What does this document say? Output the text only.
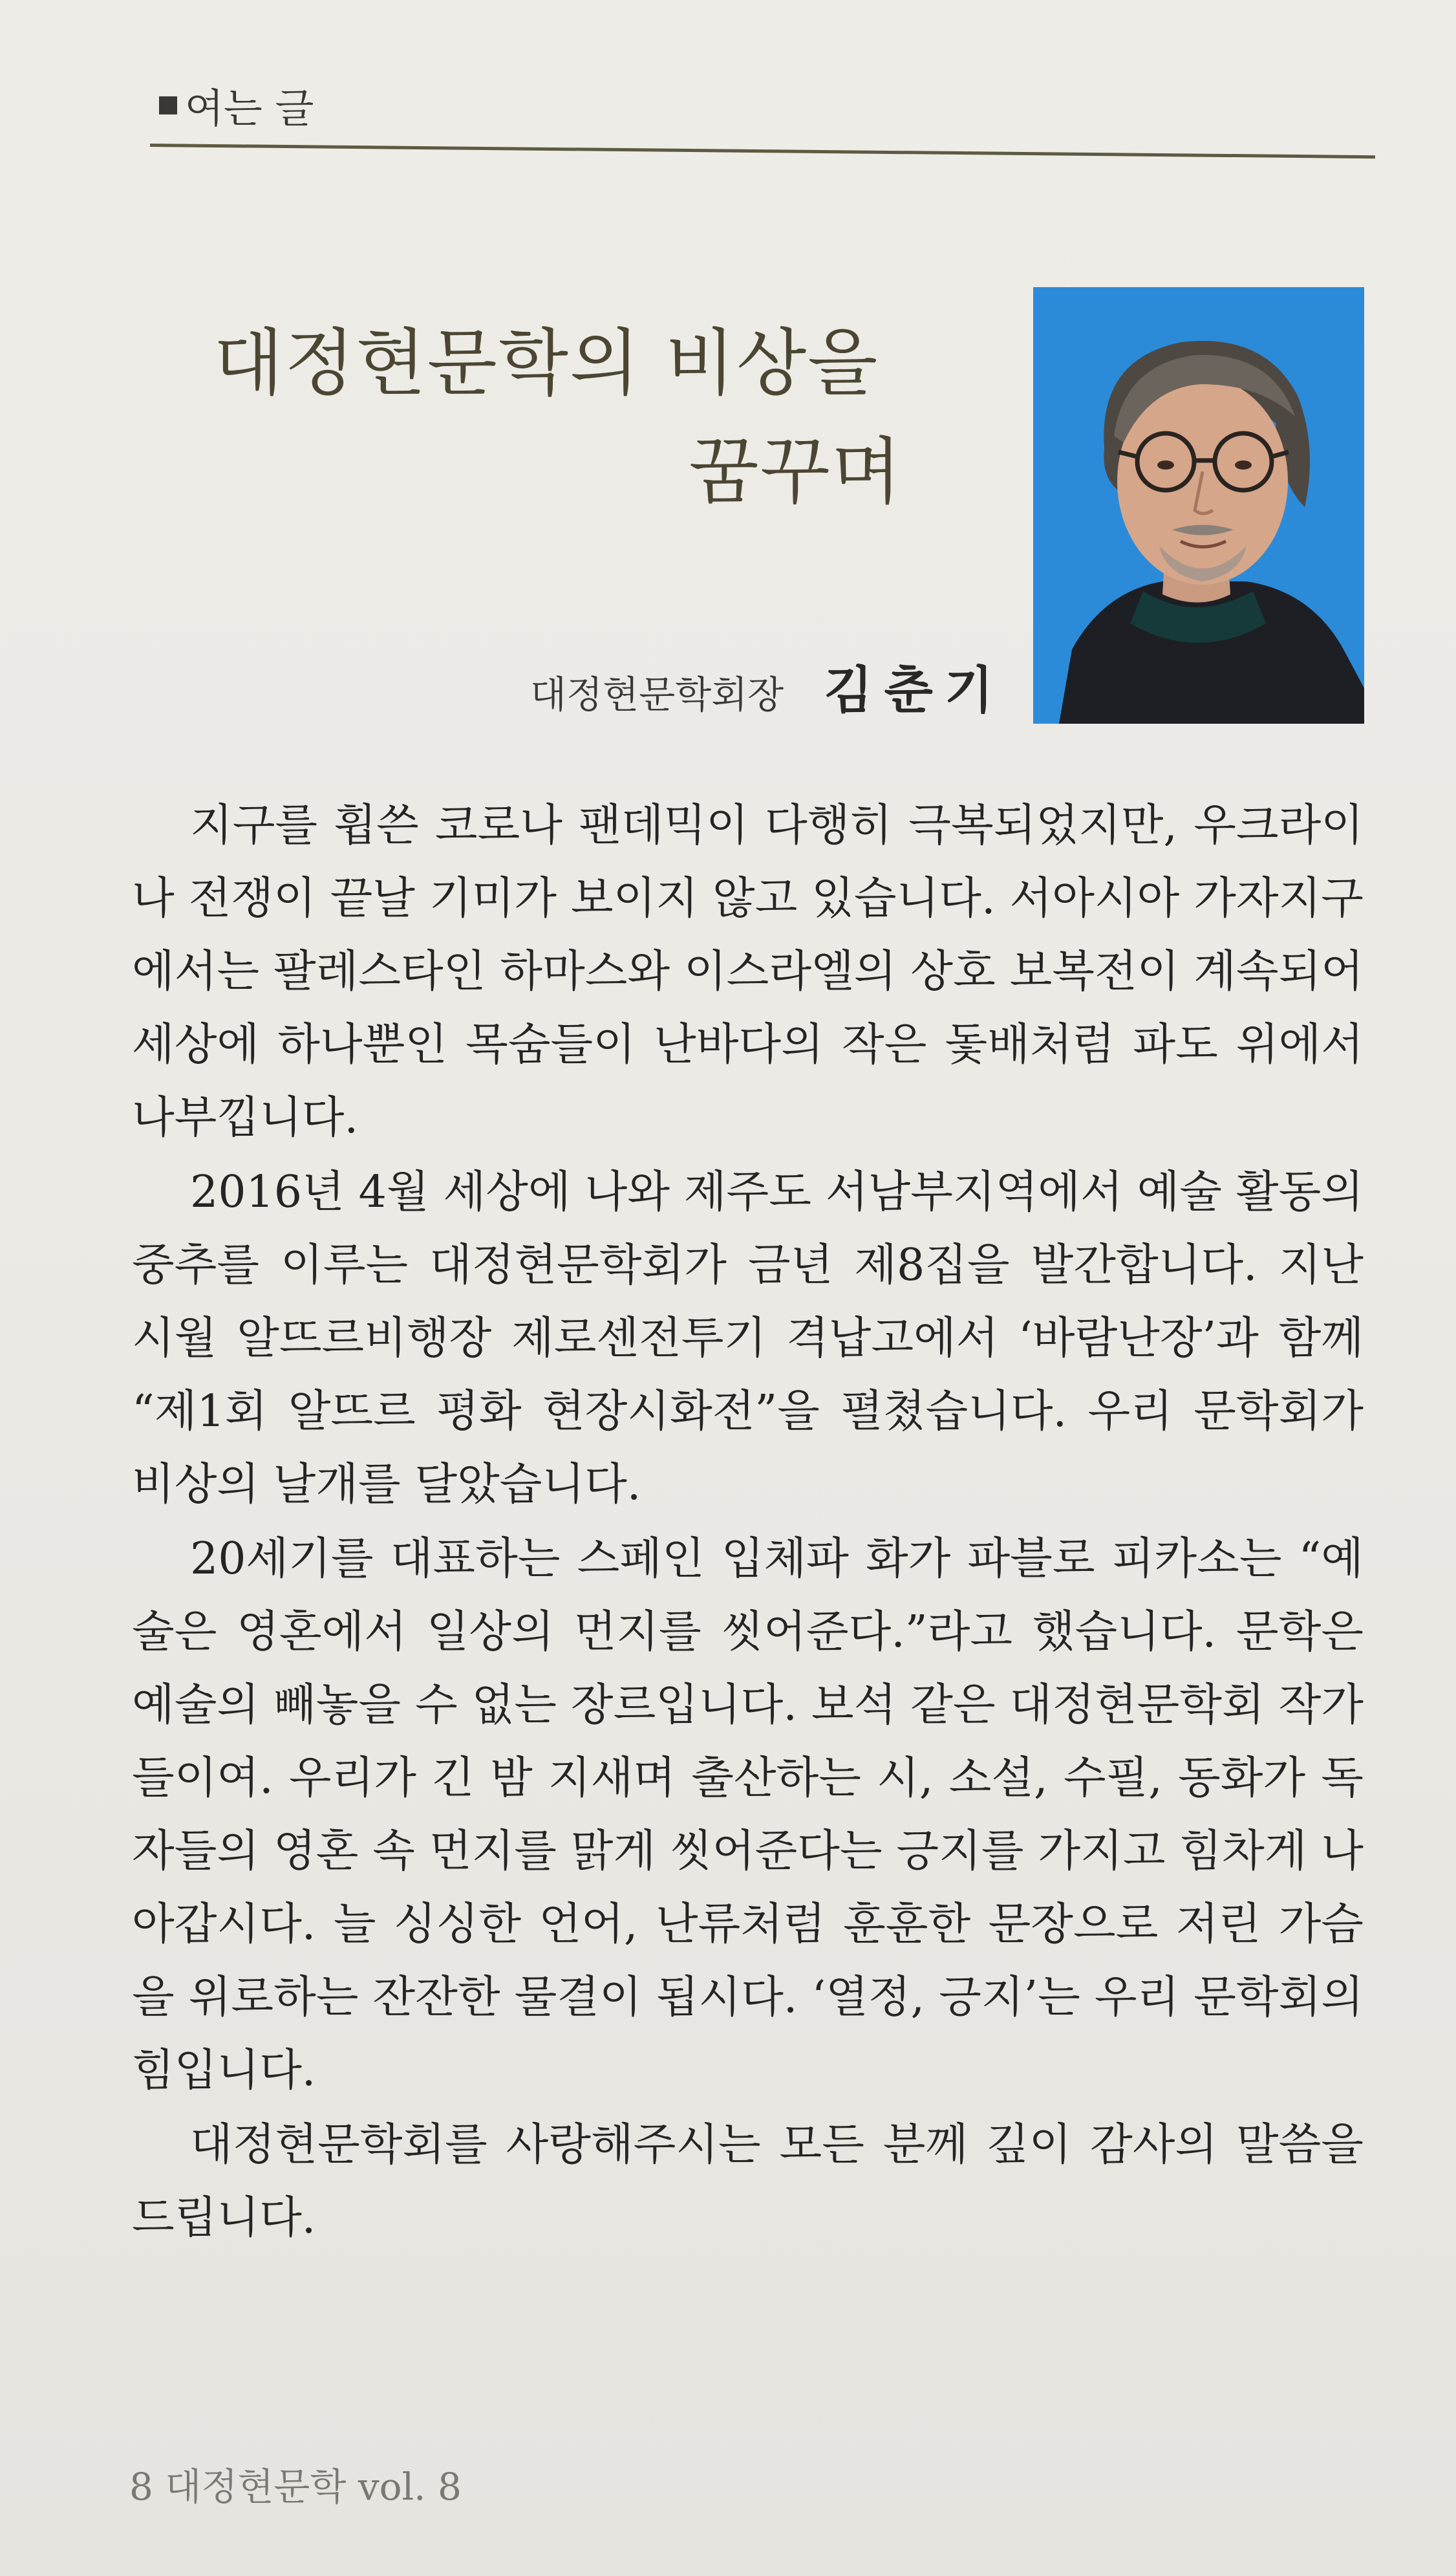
여는 글
대정현문학의 비상을
꿈꾸며
대정현문학회장 김춘기

지구를 휩쓴 코로나 팬데믹이 다행히 극복되었지만, 우크라이나 전쟁이 끝날 기미가 보이지 않고 있습니다. 서아시아 가자지구에서는 팔레스타인 하마스와 이스라엘의 상호 보복전이 계속되어 세상에 하나뿐인 목숨들이 난바다의 작은 돛배처럼 파도 위에서 나부낍니다.

2016년 4월 세상에 나와 제주도 서남부지역에서 예술 활동의 중추를 이루는 대정현문학회가 금년 제8집을 발간합니다. 지난 시월 알뜨르비행장 제로센전투기 격납고에서 ‘바람난장’과 함께 “제1회 알뜨르 평화 현장시화전”을 펼쳤습니다. 우리 문학회가 비상의 날개를 달았습니다.

20세기를 대표하는 스페인 입체파 화가 파블로 피카소는 “예술은 영혼에서 일상의 먼지를 씻어준다.”라고 했습니다. 문학은 예술의 빼놓을 수 없는 장르입니다. 보석 같은 대정현문학회 작가들이여. 우리가 긴 밤 지새며 출산하는 시, 소설, 수필, 동화가 독자들의 영혼 속 먼지를 맑게 씻어준다는 긍지를 가지고 힘차게 나아갑시다. 늘 싱싱한 언어, 난류처럼 훈훈한 문장으로 저린 가슴을 위로하는 잔잔한 물결이 됩시다. ‘열정, 긍지’는 우리 문학회의 힘입니다.

대정현문학회를 사랑해주시는 모든 분께 깊이 감사의 말씀을 드립니다.

8 대정현문학 vol. 8
